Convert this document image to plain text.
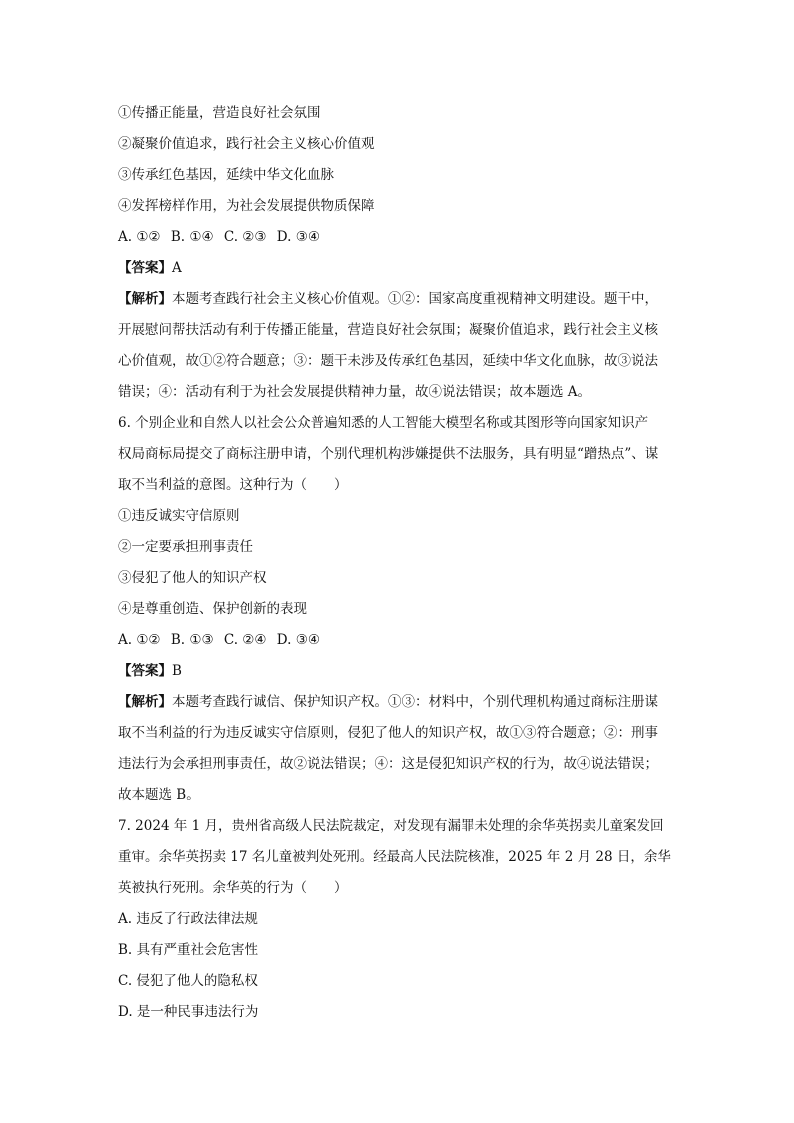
①传播正能量，营造良好社会氛围
②凝聚价值追求，践行社会主义核心价值观
③传承红色基因，延续中华文化血脉
④发挥榜样作用，为社会发展提供物质保障
A. ①② B. ①④ C. ②③ D. ③④
【答案】A
【解析】本题考查践行社会主义核心价值观。①②：国家高度重视精神文明建设。题干中，
开展慰问帮扶活动有利于传播正能量，营造良好社会氛围；凝聚价值追求，践行社会主义核
心价值观，故①②符合题意；③：题干未涉及传承红色基因，延续中华文化血脉，故③说法
错误；④：活动有利于为社会发展提供精神力量，故④说法错误；故本题选 A。
6. 个别企业和自然人以社会公众普遍知悉的人工智能大模型名称或其图形等向国家知识产
权局商标局提交了商标注册申请，个别代理机构涉嫌提供不法服务，具有明显“蹭热点”、谋
取不当利益的意图。这种行为（　　）
①违反诚实守信原则
②一定要承担刑事责任
③侵犯了他人的知识产权
④是尊重创造、保护创新的表现
A. ①② B. ①③ C. ②④ D. ③④
【答案】B
【解析】本题考查践行诚信、保护知识产权。①③：材料中，个别代理机构通过商标注册谋
取不当利益的行为违反诚实守信原则，侵犯了他人的知识产权，故①③符合题意；②：刑事
违法行为会承担刑事责任，故②说法错误；④：这是侵犯知识产权的行为，故④说法错误；
故本题选 B。
7. 2024 年 1 月，贵州省高级人民法院裁定，对发现有漏罪未处理的余华英拐卖儿童案发回
重审。余华英拐卖 17 名儿童被判处死刑。经最高人民法院核准，2025 年 2 月 28 日，余华
英被执行死刑。余华英的行为（　　）
A. 违反了行政法律法规
B. 具有严重社会危害性
C. 侵犯了他人的隐私权
D. 是一种民事违法行为
